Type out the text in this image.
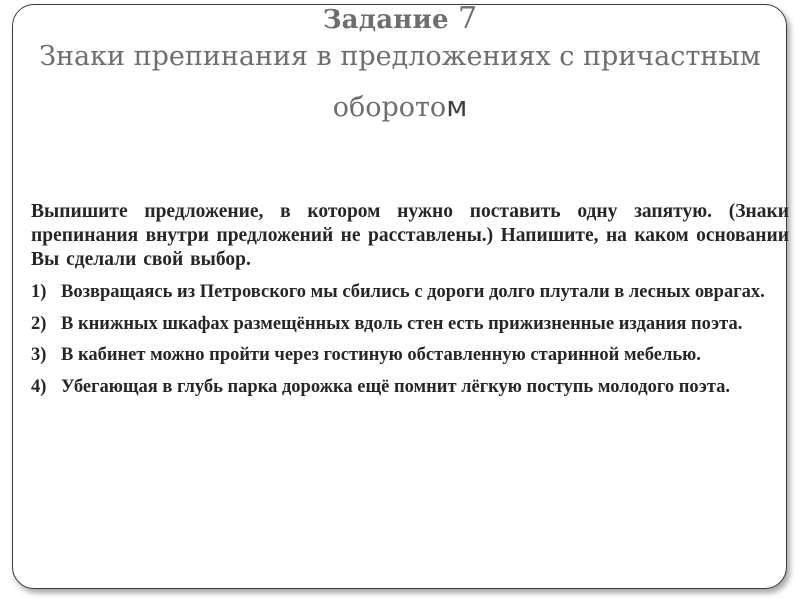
Задание 7
Знаки препинания в предложениях с причастным
оборотом

Выпишите предложение, в котором нужно поставить одну запятую. (Знаки препинания внутри предложений не расставлены.) Напишите, на каком основании Вы сделали свой выбор.

1) Возвращаясь из Петровского мы сбились с дороги долго плутали в лесных оврагах.
2) В книжных шкафах размещённых вдоль стен есть прижизненные издания поэта.
3) В кабинет можно пройти через гостиную обставленную старинной мебелью.
4) Убегающая в глубь парка дорожка ещё помнит лёгкую поступь молодого поэта.
